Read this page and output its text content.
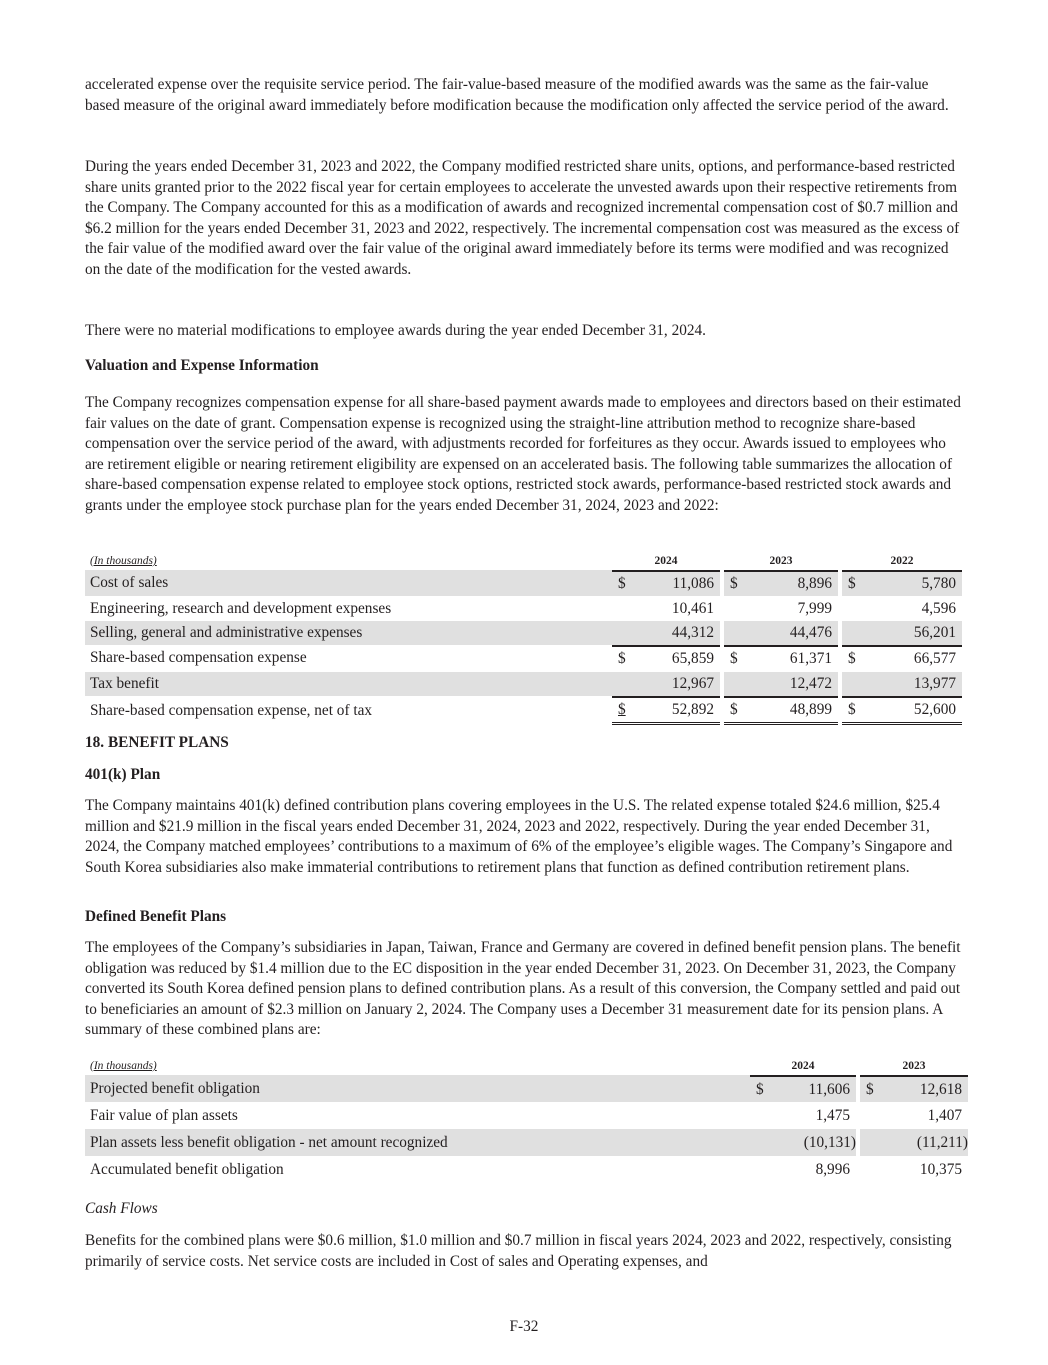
accelerated expense over the requisite service period. The fair-value-based measure of the modified awards was the same as the fair-value based measure of the original award immediately before modification because the modification only affected the service period of the award.

During the years ended December 31, 2023 and 2022, the Company modified restricted share units, options, and performance-based restricted share units granted prior to the 2022 fiscal year for certain employees to accelerate the unvested awards upon their respective retirements from the Company. The Company accounted for this as a modification of awards and recognized incremental compensation cost of $0.7 million and $6.2 million for the years ended December 31, 2023 and 2022, respectively. The incremental compensation cost was measured as the excess of the fair value of the modified award over the fair value of the original award immediately before its terms were modified and was recognized on the date of the modification for the vested awards.

There were no material modifications to employee awards during the year ended December 31, 2024.

Valuation and Expense Information

The Company recognizes compensation expense for all share-based payment awards made to employees and directors based on their estimated fair values on the date of grant. Compensation expense is recognized using the straight-line attribution method to recognize share-based compensation over the service period of the award, with adjustments recorded for forfeitures as they occur. Awards issued to employees who are retirement eligible or nearing retirement eligibility are expensed on an accelerated basis. The following table summarizes the allocation of share-based compensation expense related to employee stock options, restricted stock awards, performance-based restricted stock awards and grants under the employee stock purchase plan for the years ended December 31, 2024, 2023 and 2022:

(In thousands)	2024			2023			2022	
Cost of sales	$	11,086		$	8,896		$	5,780
Engineering, research and development expenses		10,461			7,999			4,596
Selling, general and administrative expenses		44,312			44,476			56,201
Share-based compensation expense	$	65,859		$	61,371		$	66,577
Tax benefit		12,967			12,472			13,977
Share-based compensation expense, net of tax	$	52,892		$	48,899		$	52,600

18. BENEFIT PLANS

401(k) Plan

The Company maintains 401(k) defined contribution plans covering employees in the U.S. The related expense totaled $24.6 million, $25.4 million and $21.9 million in the fiscal years ended December 31, 2024, 2023 and 2022, respectively. During the year ended December 31, 2024, the Company matched employees’ contributions to a maximum of 6% of the employee’s eligible wages. The Company’s Singapore and South Korea subsidiaries also make immaterial contributions to retirement plans that function as defined contribution retirement plans.

Defined Benefit Plans

The employees of the Company’s subsidiaries in Japan, Taiwan, France and Germany are covered in defined benefit pension plans. The benefit obligation was reduced by $1.4 million due to the EC disposition in the year ended December 31, 2023. On December 31, 2023, the Company converted its South Korea defined pension plans to defined contribution plans. As a result of this conversion, the Company settled and paid out to beneficiaries an amount of $2.3 million on January 2, 2024. The Company uses a December 31 measurement date for its pension plans. A summary of these combined plans are:

(In thousands)	2024			2023	
Projected benefit obligation	$	11,606		$	12,618
Fair value of plan assets		1,475			1,407
Plan assets less benefit obligation - net amount recognized		(10,131)			(11,211)
Accumulated benefit obligation		8,996			10,375

Cash Flows

Benefits for the combined plans were $0.6 million, $1.0 million and $0.7 million in fiscal years 2024, 2023 and 2022, respectively, consisting primarily of service costs. Net service costs are included in Cost of sales and Operating expenses, and

F-32
